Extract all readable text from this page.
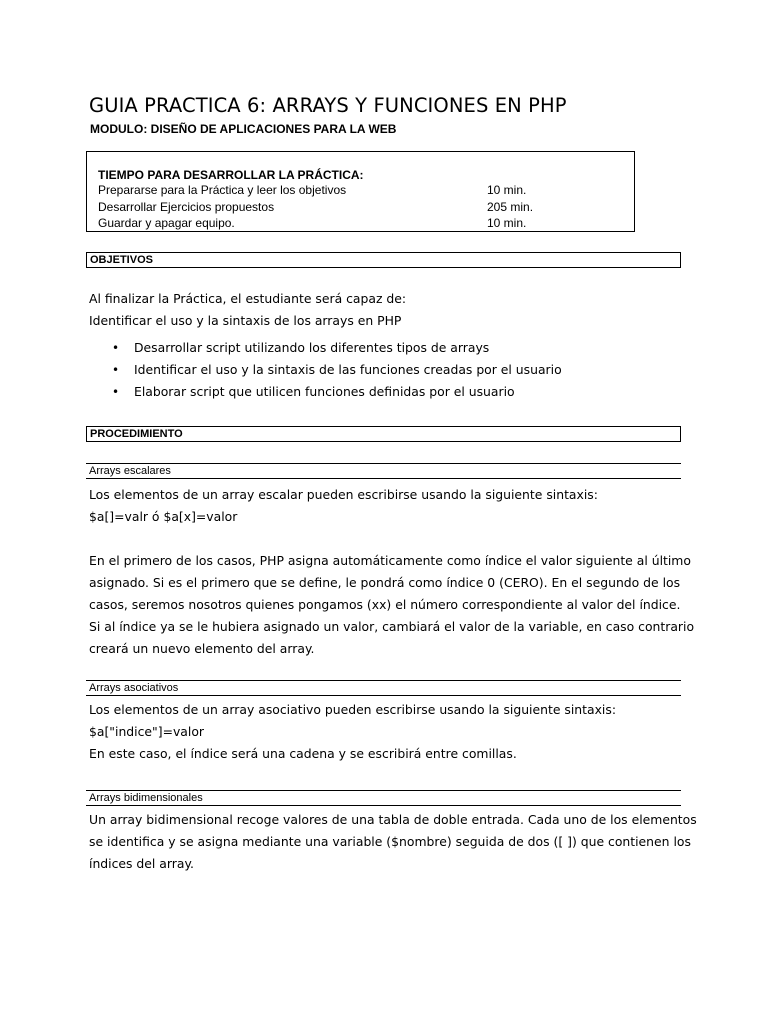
GUIA PRACTICA 6: ARRAYS Y FUNCIONES EN PHP
MODULO: DISEÑO DE APLICACIONES PARA LA WEB
TIEMPO PARA DESARROLLAR LA PRÁCTICA:
Prepararse para la Práctica y leer los objetivos	10 min.
Desarrollar Ejercicios propuestos	205 min.
Guardar y apagar equipo.	10 min.
OBJETIVOS
Al finalizar la Práctica, el estudiante será capaz de:
Identificar el uso y la sintaxis de los arrays en PHP
• Desarrollar script utilizando los diferentes tipos de arrays
• Identificar el uso y la sintaxis de las funciones creadas por el usuario
• Elaborar script que utilicen funciones definidas por el usuario
PROCEDIMIENTO
Arrays escalares
Los elementos de un array escalar pueden escribirse usando la siguiente sintaxis:
$a[]=valr ó $a[x]=valor
En el primero de los casos, PHP asigna automáticamente como índice el valor siguiente al último
asignado. Si es el primero que se define, le pondrá como índice 0 (CERO). En el segundo de los
casos, seremos nosotros quienes pongamos (xx) el número correspondiente al valor del índice.
Si al índice ya se le hubiera asignado un valor, cambiará el valor de la variable, en caso contrario
creará un nuevo elemento del array.
Arrays asociativos
Los elementos de un array asociativo pueden escribirse usando la siguiente sintaxis:
$a["indice"]=valor
En este caso, el índice será una cadena y se escribirá entre comillas.
Arrays bidimensionales
Un array bidimensional recoge valores de una tabla de doble entrada. Cada uno de los elementos
se identifica y se asigna mediante una variable ($nombre) seguida de dos ([ ]) que contienen los
índices del array.
